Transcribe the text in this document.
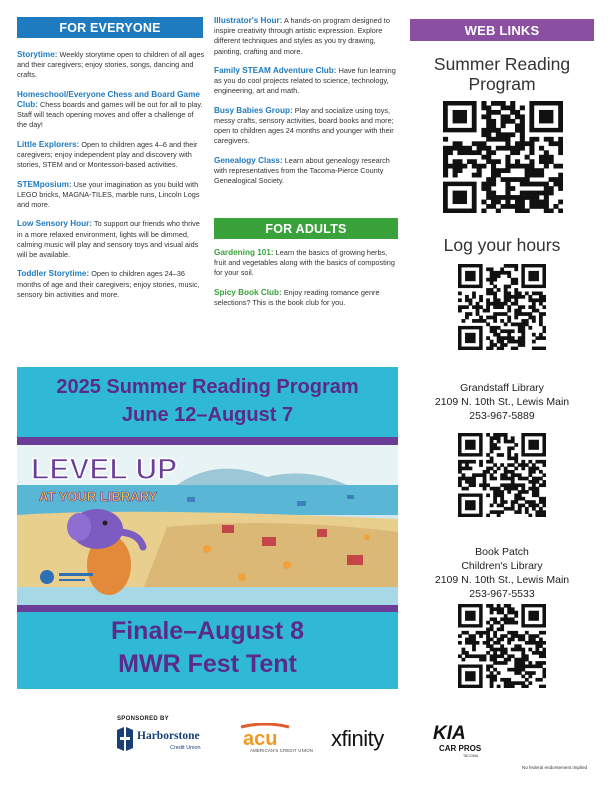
FOR EVERYONE
FOR ADULTS
WEB LINKS

Storytime: Weekly storytime open to children of all ages and their caregivers; enjoy stories, songs, dancing and crafts.

Homeschool/Everyone Chess and Board Game Club: Chess boards and games will be out for all to play. Staff will teach opening moves and offer a challenge of the day!

Little Explorers: Open to children ages 4–6 and their caregivers; enjoy independent play and discovery with stories, STEM and or Montessori-based activities.

STEMposium: Use your imagination as you build with LEGO bricks, MAGNA-TILES, marble runs, Lincoln Logs and more.

Low Sensory Hour: To support our friends who thrive in a more relaxed environment, lights will be dimmed, calming music will play and sensory toys and visual aids will be available.

Toddler Storytime: Open to children ages 24–36 months of age and their caregivers; enjoy stories, music, sensory bin activities and more.

Illustrator's Hour: A hands-on program designed to inspire creativity through artistic expression. Explore different techniques and styles as you try drawing, painting, crafting and more.

Family STEAM Adventure Club: Have fun learning as you do cool projects related to science, technology, engineering, art and math.

Busy Babies Group: Play and socialize using toys, messy crafts, sensory activities, board books and more; open to children ages 24 months and younger with their caregivers.

Genealogy Class: Learn about genealogy research with representatives from the Tacoma-Pierce County Genealogical Society.

Gardening 101: Learn the basics of growing herbs, fruit and vegetables along with the basics of composting for your soil.

Spicy Book Club: Enjoy reading romance genre selections? This is the book club for you.

Summer Reading Program
Log your hours
Grandstaff Library
2109 N. 10th St., Lewis Main
253-967-5889
Book Patch
Children's Library
2109 N. 10th St., Lewis Main
253-967-5533
2025 Summer Reading Program
June 12–August 7
LEVEL UP
AT YOUR LIBRARY
Finale–August 8
MWR Fest Tent
SPONSORED BY
Harborstone
Credit Union acu
AMERICAN'S CREDIT UNION xfinity	KIA
CAR PROS
TACOMA
No federal endorsement implied
